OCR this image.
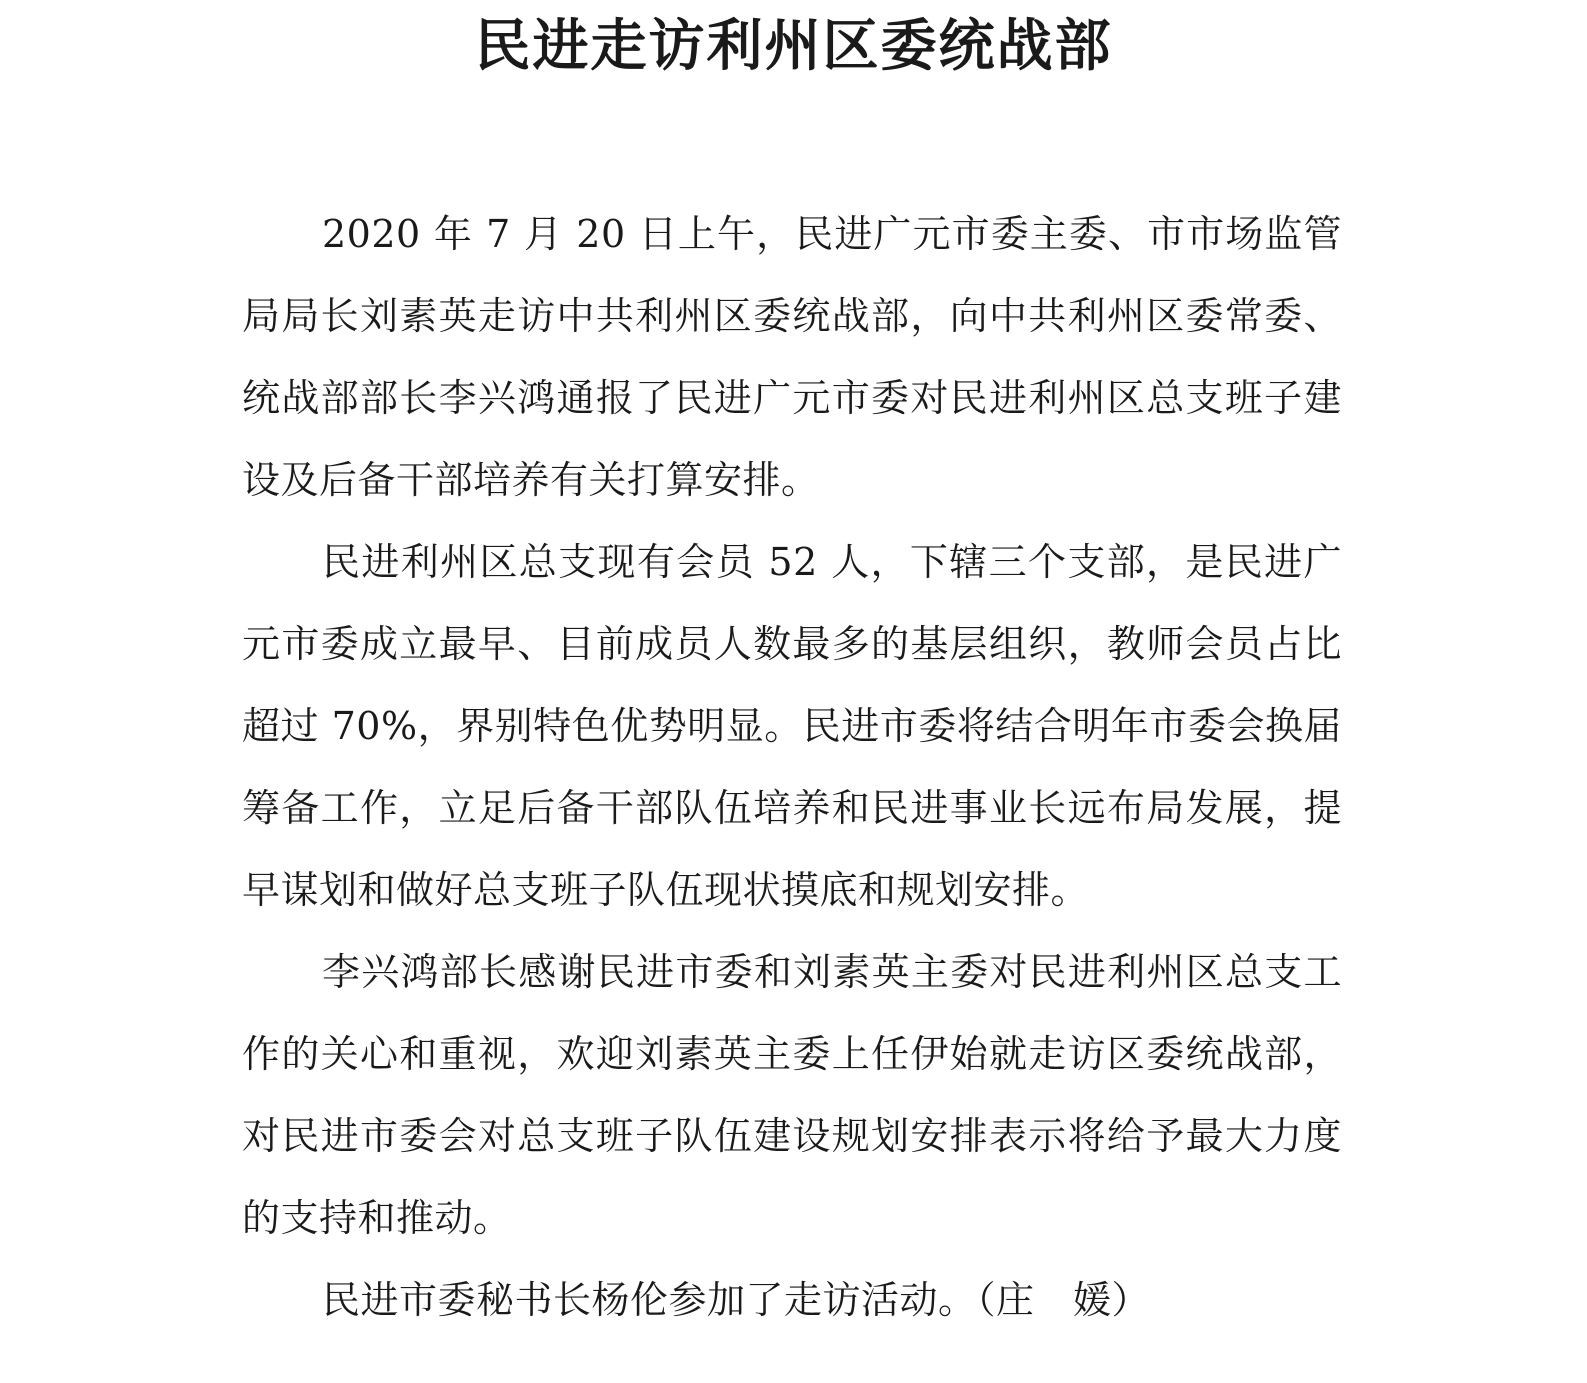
民进走访利州区委统战部

2020 年 7 月 20 日上午，民进广元市委主委、市市场监管局局长刘素英走访中共利州区委统战部，向中共利州区委常委、统战部部长李兴鸿通报了民进广元市委对民进利州区总支班子建设及后备干部培养有关打算安排。

民进利州区总支现有会员 52 人，下辖三个支部，是民进广元市委成立最早、目前成员人数最多的基层组织，教师会员占比超过 70%，界别特色优势明显。民进市委将结合明年市委会换届筹备工作，立足后备干部队伍培养和民进事业长远布局发展，提早谋划和做好总支班子队伍现状摸底和规划安排。

李兴鸿部长感谢民进市委和刘素英主委对民进利州区总支工作的关心和重视，欢迎刘素英主委上任伊始就走访区委统战部，对民进市委会对总支班子队伍建设规划安排表示将给予最大力度的支持和推动。

民进市委秘书长杨伦参加了走访活动。（庄　媛）
